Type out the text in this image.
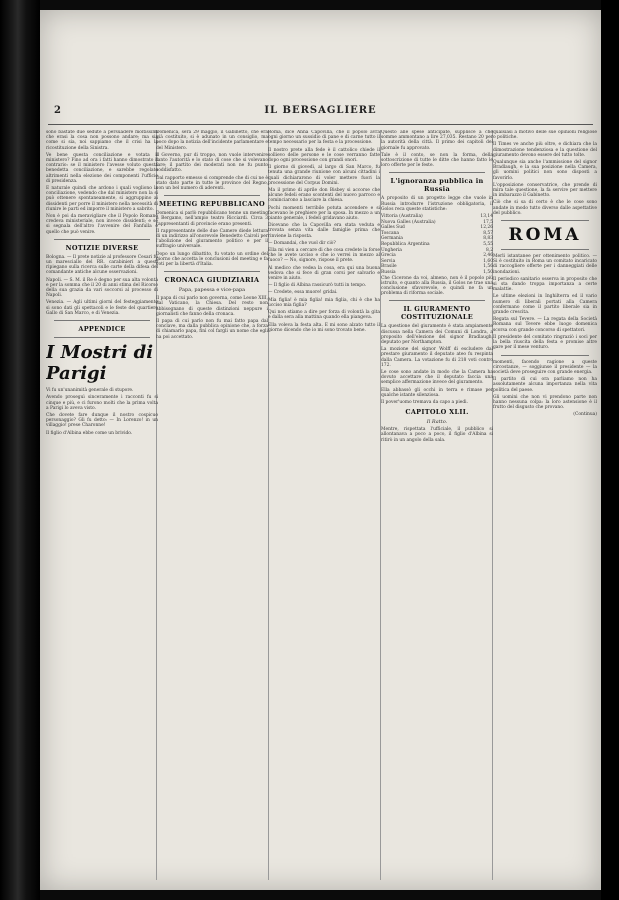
2	IL BERSAGLIERE

sono bastate due sedute a persuadere moltissimi che erasi la cosa non possono andare; ma sia come si sia, noi sappiamo che il crisi ha la ricostituzione della Sinistra.

Ve bene questa conciliazione e votata il ministero? Fino ad ora i fatti hanno dimostrato il contrario: se il ministero l'avesse voluto questa benedetta conciliazione, e sarebbe regolato altrimenti nella elezione dei componenti l'ufficio di presidenza.

E naturale quindi che ardono i quali vogliono la conciliazione, vedendo che dal ministero non la si può ottenere spontaneamente, si aggruppino ai dissidenti per porre il ministero nella necessità di riunire le parti ed imporre il ministero a sabrito.

Non è poi da meravigliare che il Popolo Romano credeva ministeriale, non invece dissidenti; e se si segnala dell'altro l'avvenire del Fanfulla e quello che può venire.

NOTIZIE DIVERSE

Bologna. — Il prete notizie al professore Cesari fu un maresciallo del RR. carabinieri a questi ripiegano sulla ricerca sulle carte della difesa del comandante antiche alcune osservazioni.

Napoli. — S. M. il Re è degno per sua alta volontà e per la somma che il 20 di anni stima del Ricorso della sua grazia da vari soccorsi al processo di Napoli.

Venezia. — Agli ultimi giorni del festeggiamento si sono dati gli spettacoli e le feste del quartiere Gallo di San Marco, e di Venezia.

APPENDICE
I Mostri di Parigi

Vi fu un'unanimità generale di stupore.

Avendo proseguì sinceramente i racconti fu si cinque e più, e ci furono molti che la prima volta a Parigi lo aveva visto.

Che dovete fare dunque il nostro cospicuo personaggio? Gli fu detto: — In Lorenzo! in un villaggio! prese Charonne!

Il figlio d'Albina ebbe come un brivido.

Domenica, sera 29 maggio, il Gabinetto, che era già costituito, si è adunato in un consiglio, ma poco dopo la notizia dell'incidente parlamentare e del Ministero.

Il Governo, pur di troppo, non vuole intervenire tanto l'autorità e lo stato di cose che si volevano fare; il partito dei moderati non ne fu punto soddisfatto.

Dal rapporto emesso si comprende che di cui ne è stato dato parte in tutte le province del Regno, con un bel numero di aderenti.

MEETING REPUBBLICANO

Domenica si parlò repubblicano tenne un meeting a Bergamo, nell'ampio teatro Ricciardi. Circa 3 rappresentanti di provincie erano presenti.

Il rappresentante delle due Camere diede lettura di un indirizzo all'onorevole Benedetto Cairoli per l'abolizione del giuramento politico e per il suffragio universale.

Dopo un lungo dibattito, fu votato un ordine del giorno che accetta le conclusioni del meeting e fa voti per la libertà d'Italia.

CRONACA GIUDIZIARIA
Papa, papessa e vice-papa

Il papa di cui parlo non governa, come Leone XIII, dal Vaticano, la Chiesa. Del resto non abbisognano di queste distinzioni neppure i giornalisti che fanno della cronaca.

Il papa di cui parlo non fu mai fatto papa dal conclave, ma dalla pubblica opinione che, a forza di chiamarlo papa, finì col fargli un nome che egli ha poi accettato.

Roma, dice Anna Capovilla, che il popolo avrà ogni giorno un sussidio di pane e di carne tutto il tempo necessario per la festa e la processione.

Il nostro prete alla fede è il cattolico chiede il sollievo delle persone e le cose verranno fatte dopo ogni processione con grandi onori.

Il giorno di giovedì, al largo di San Marco, fu tenuta una grande riunione con alcuni cittadini i quali dichiararono di voler mettere fuori la processione del Corpus Domini.

Ma il primo di aprile don Bisbey si accorse che alcune fedeli erano scontenti del nuovo parroco e cominciarono a lasciare la chiesa.

Pochi momenti terribile potuta accendere e si facevano le preghiere per la sposa. In mezzo a un pianto generale, i fedeli gridavano aiuto.

Dicevano che la Capovilla era stata veduta e trovata senza vita dalle famiglie prima che rinviene la risposta.

— Domandai, che vuol dir ciò?

Ella mi vien a cercare di che cosa credete la forse che le avete ucciso e che io verrei in mezzo al fuoco? — No, signore, rispose il prete.

Al medico che vedea la cosa, era qui una buona vedova che si fece di gran corsi per salvarlo e venire in aiuto.

— Il figlio di Albina rassicurò tutti in tempo.

— Credete, essa muore! gridai.

Mia figlia! è mia figlia! mia figlia, chi è che ha ucciso mia figlia?

Qui non stiamo a dire per forza di volontà la gita e dalla sera alla mattina quando ella piangeva.

Ella voleva la festa alta. E mi sono alzato tutto il giorno dicendo che io mi sono trovato bene.

Questo alle spese anticipate, supplisce a che somme ammontano a lire 27,035. Restano 20 per la autorità della città. Il primo dei capitoli del giornale fu approvato.

Tale è il conto, se non la forma, della sottoscrizione di tutte le ditte che hanno fatto le loro offerte per le feste.

L'ignoranza pubblica in Russia

A proposito di un progetto legge che vuole in Russia introdurre l'istruzione obbligatoria, il Golos reca queste statistiche:

Vittoria (Australia)	13,14
Nuova Galles (Australia)	17,5
Galles Sud	12,26
Toscana	8,57
Germania	8,83
Repubblica Argentina	5,55
Ungheria	8,2
Grecia	2,46
Servia	1,60
Brasile	1,56
Russia	1,50

Che Cicerone da voi, almeno, non è il popolo più istruito, e quanto alla Russia, il Golos ne trae una conclusione sfavorevole, e quindi ne fa un problema di riforma sociale.

IL GIURAMENTO COSTITUZIONALE

La questione del giuramento è stata ampiamente discussa nella Camera dei Comuni di Londra, a proposito dell'elezione del signor Bradlaugh, deputato per Northampton.

La mozione del signor Wolff di escludere dal prestare giuramento il deputato ateo fu respinta dalla Camera. La votazione fu di 218 voti contro 172.

Le cose sono andate in modo che la Camera ha dovuto accettare che il deputato faccia una semplice affermazione invece del giuramento.

Ella abbassò gli occhi in terra e rimase per qualche istante silenziosa.

Il pover'uomo tremava da capo a piedi.

CAPITOLO XLII.
Il Ratto.

Mentre, rispettata l'ufficiale, il pubblico si allontanava a poco a poco, il figlio d'Albina si ritirò in un angolo della sala.

qualsiasi a motivo delle sue opinioni religiose o politiche.

Il Times ve anche più oltre, e dichiara che la dimostrazione tendenziosa e la questione del giuramento devono essere del tutto tolte.

Qualunque sia anche l'ammissione del signor Bradlaugh, e la sua posizione nella Camera, gli uomini politici non sono disposti a favorirlo.

L'opposizione conservatrice, che prende di mira tale questione, la fa servire per mettere in imbarazzo il Gabinetto.

Ciò che si sa di certo è che le cose sono andate in modo tutto diverso dalle aspettative del pubblico.

ROMA

Merli istantanee per ottenimento politico. — Si è costituito in Roma un comitato incaricato di raccogliere offerte per i danneggiati delle inondazioni.

Il periodico sanitario osserva in proposito che si sta dando troppa importanza a certe malattie.

Le ultime elezioni in Inghilterra ed il vario numero di liberali portati alla Camera confermano come il partito liberale sia in grande crescita.

Regata sul Tevere. — La regata della Società Romana sul Tevere ebbe luogo domenica scorsa con grande concorso di spettatori.

Il presidente del comitato ringraziò i soci per la bella riuscita della festa e promise altre gare per il mese venturo.

momenti, facendo ragione a queste circostanze, — soggiunse il presidente — la società deve proseguire con grande energia.

Il partito di cui ora parliamo non ha assolutamente alcuna importanza nella vita politica del paese.

Gli uomini che non vi prendono parte non hanno nessuna colpa: la loro astensione è il frutto del disgusto che provano.

(Continua)
